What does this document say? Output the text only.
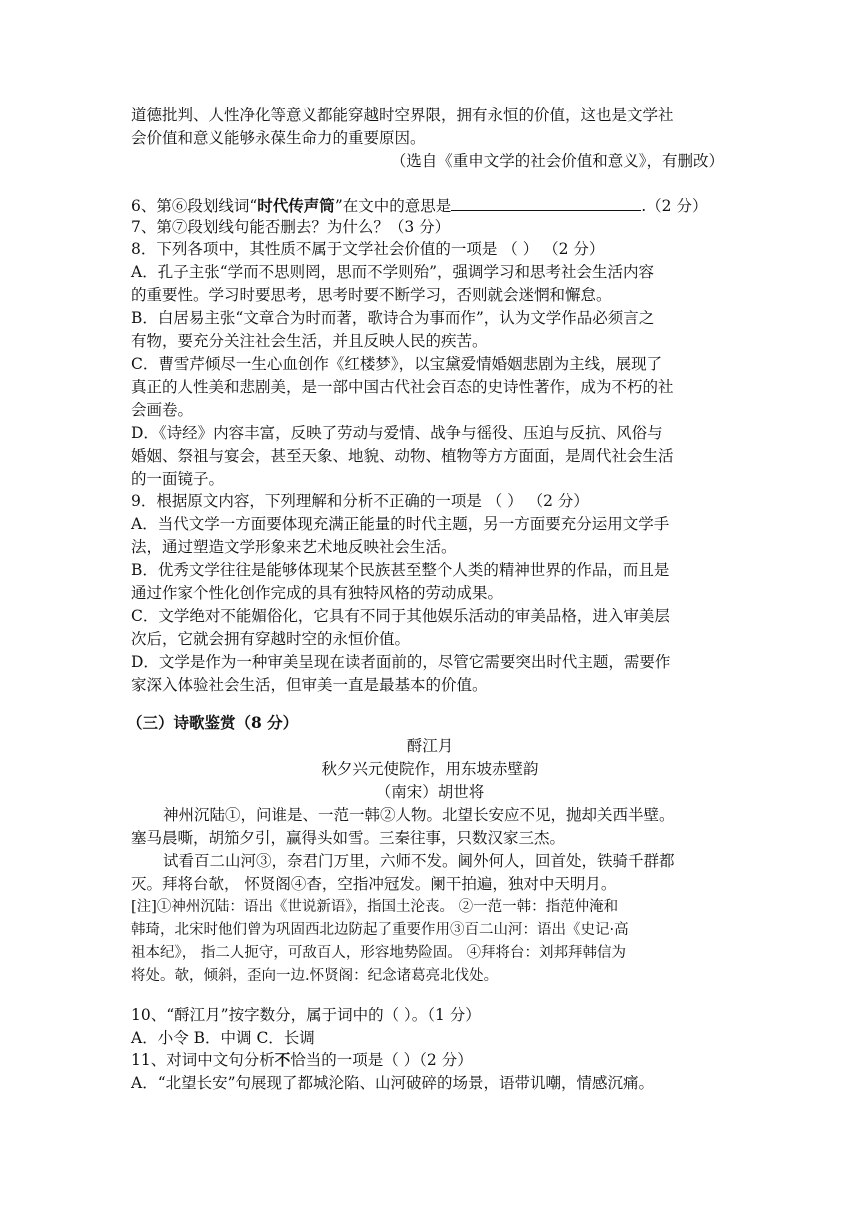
道德批判、人性净化等意义都能穿越时空界限，拥有永恒的价值，这也是文学社
会价值和意义能够永葆生命力的重要原因。
（选自《重申文学的社会价值和意义》，有删改）
6、第⑥段划线词“时代传声筒”在文中的意思是	.（2 分）
7、第⑦段划线句能否删去？为什么？（3 分）
8．下列各项中，其性质不属于文学社会价值的一项是 （ ） （2 分）
A．孔子主张“学而不思则罔，思而不学则殆”，强调学习和思考社会生活内容
的重要性。学习时要思考，思考时要不断学习，否则就会迷惘和懈怠。
B．白居易主张“文章合为时而著，歌诗合为事而作”，认为文学作品必须言之
有物，要充分关注社会生活，并且反映人民的疾苦。
C．曹雪芹倾尽一生心血创作《红楼梦》，以宝黛爱情婚姻悲剧为主线，展现了
真正的人性美和悲剧美，是一部中国古代社会百态的史诗性著作，成为不朽的社
会画卷。
D．《诗经》内容丰富，反映了劳动与爱情、战争与徭役、压迫与反抗、风俗与
婚姻、祭祖与宴会，甚至天象、地貌、动物、植物等方方面面，是周代社会生活
的一面镜子。
9．根据原文内容，下列理解和分析不正确的一项是 （ ） （2 分）
A．当代文学一方面要体现充满正能量的时代主题，另一方面要充分运用文学手
法，通过塑造文学形象来艺术地反映社会生活。
B．优秀文学往往是能够体现某个民族甚至整个人类的精神世界的作品，而且是
通过作家个性化创作完成的具有独特风格的劳动成果。
C．文学绝对不能媚俗化，它具有不同于其他娱乐活动的审美品格，进入审美层
次后，它就会拥有穿越时空的永恒价值。
D．文学是作为一种审美呈现在读者面前的，尽管它需要突出时代主题，需要作
家深入体验社会生活，但审美一直是最基本的价值。
（三）诗歌鉴赏（8 分）
酹江月
秋夕兴元使院作，用东坡赤壁韵
（南宋）胡世将
神州沉陆①，问谁是、一范一韩②人物。北望长安应不见，抛却关西半壁。
塞马晨嘶，胡笳夕引，赢得头如雪。三秦往事，只数汉家三杰。
试看百二山河③，奈君门万里，六师不发。阃外何人，回首处，铁骑千群都
灭。拜将台欹， 怀贤阁④杳，空指冲冠发。阑干拍遍，独对中天明月。
[注]①神州沉陆：语出《世说新语》，指国土沦丧。 ②一范一韩：指范仲淹和
韩琦，北宋时他们曾为巩固西北边防起了重要作用③百二山河：语出《史记·高
祖本纪》， 指二人扼守，可敌百人，形容地势险固。 ④拜将台：刘邦拜韩信为
将处。欹，倾斜，歪向一边.怀贤阁：纪念诸葛亮北伐处。
10、“酹江月”按字数分，属于词中的（ ）。（1 分）
A．小令 B．中调 C．长调
11、对词中文句分析不恰当的一项是（ ）（2 分）
A．“北望长安”句展现了都城沦陷、山河破碎的场景，语带讥嘲，情感沉痛。
